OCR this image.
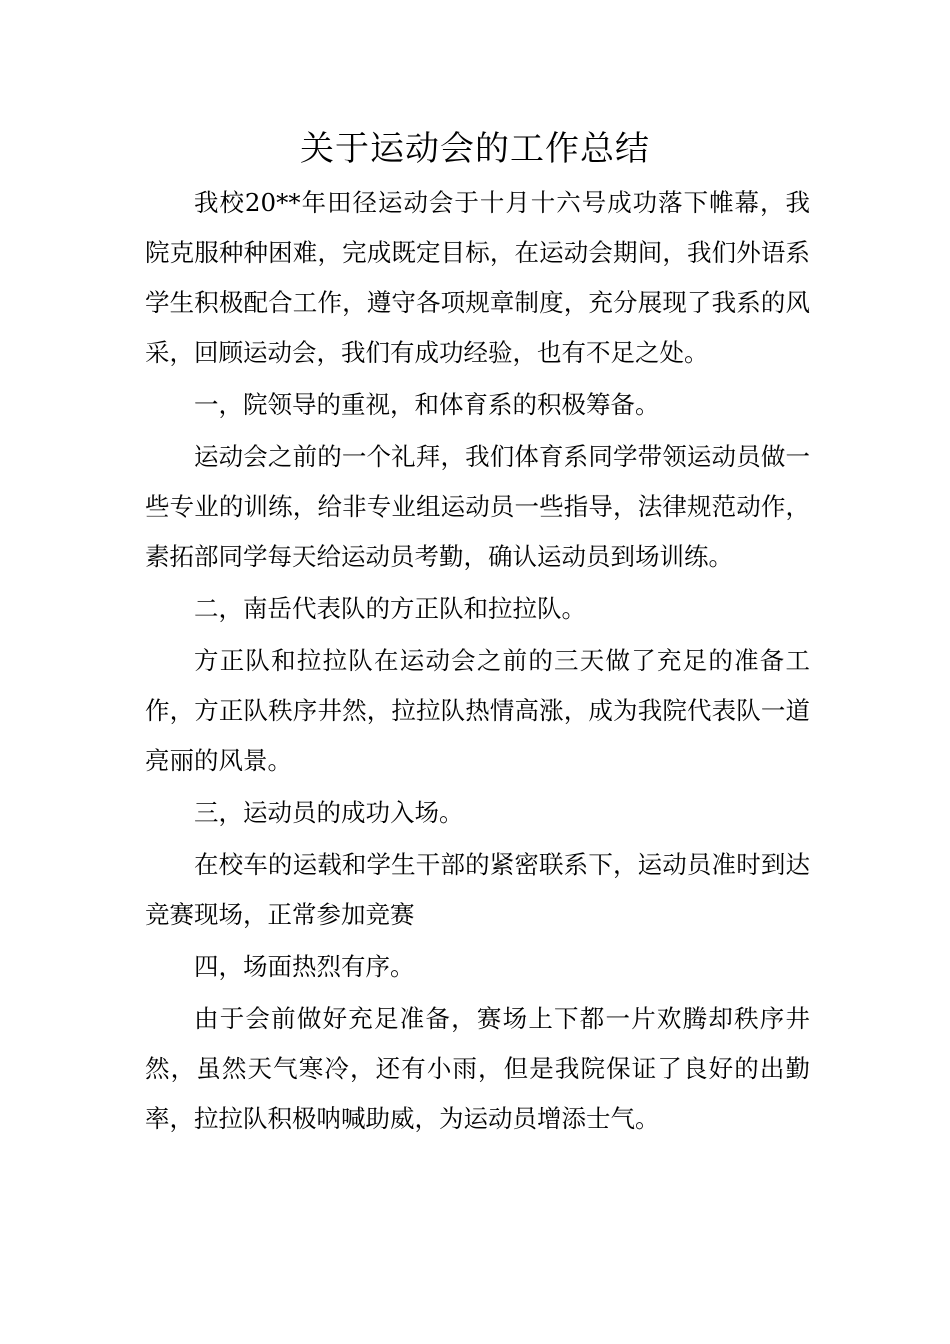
关于运动会的工作总结

我校20**年田径运动会于十月十六号成功落下帷幕，我院克服种种困难，完成既定目标，在运动会期间，我们外语系学生积极配合工作，遵守各项规章制度，充分展现了我系的风采，回顾运动会，我们有成功经验，也有不足之处。

一，院领导的重视，和体育系的积极筹备。

运动会之前的一个礼拜，我们体育系同学带领运动员做一些专业的训练，给非专业组运动员一些指导，法律规范动作，素拓部同学每天给运动员考勤，确认运动员到场训练。

二，南岳代表队的方正队和拉拉队。

方正队和拉拉队在运动会之前的三天做了充足的准备工作，方正队秩序井然，拉拉队热情高涨，成为我院代表队一道亮丽的风景。

三，运动员的成功入场。

在校车的运载和学生干部的紧密联系下，运动员准时到达竞赛现场，正常参加竞赛

四，场面热烈有序。

由于会前做好充足准备，赛场上下都一片欢腾却秩序井然，虽然天气寒冷，还有小雨，但是我院保证了良好的出勤率，拉拉队积极呐喊助威，为运动员增添士气。
